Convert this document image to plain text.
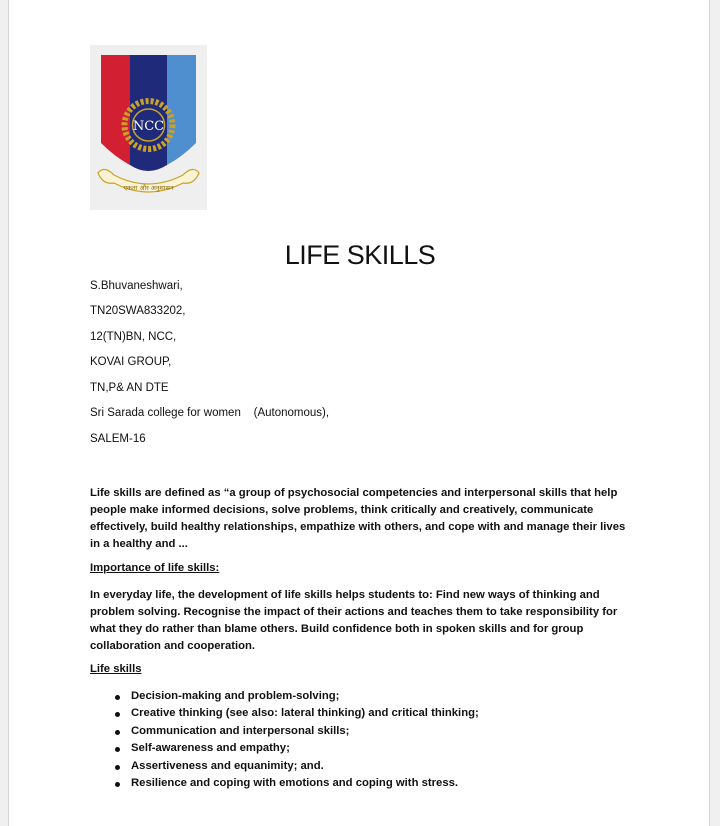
NCC
एकता और अनुशासन
LIFE SKILLS
S.Bhuvaneshwari,
TN20SWA833202,
12(TN)BN, NCC,
KOVAI GROUP,
TN,P& AN DTE
Sri Sarada college for women    (Autonomous),
SALEM-16
Life skills are defined as “a group of psychosocial competencies and interpersonal skills that help people make informed decisions, solve problems, think critically and creatively, communicate effectively, build healthy relationships, empathize with others, and cope with and manage their lives in a healthy and ...
Importance of life skills:
In everyday life, the development of life skills helps students to: Find new ways of thinking and problem solving. Recognise the impact of their actions and teaches them to take responsibility for what they do rather than blame others. Build confidence both in spoken skills and for group collaboration and cooperation.
Life skills
Decision-making and problem-solving;
Creative thinking (see also: lateral thinking) and critical thinking;
Communication and interpersonal skills;
Self-awareness and empathy;
Assertiveness and equanimity; and.
Resilience and coping with emotions and coping with stress.
